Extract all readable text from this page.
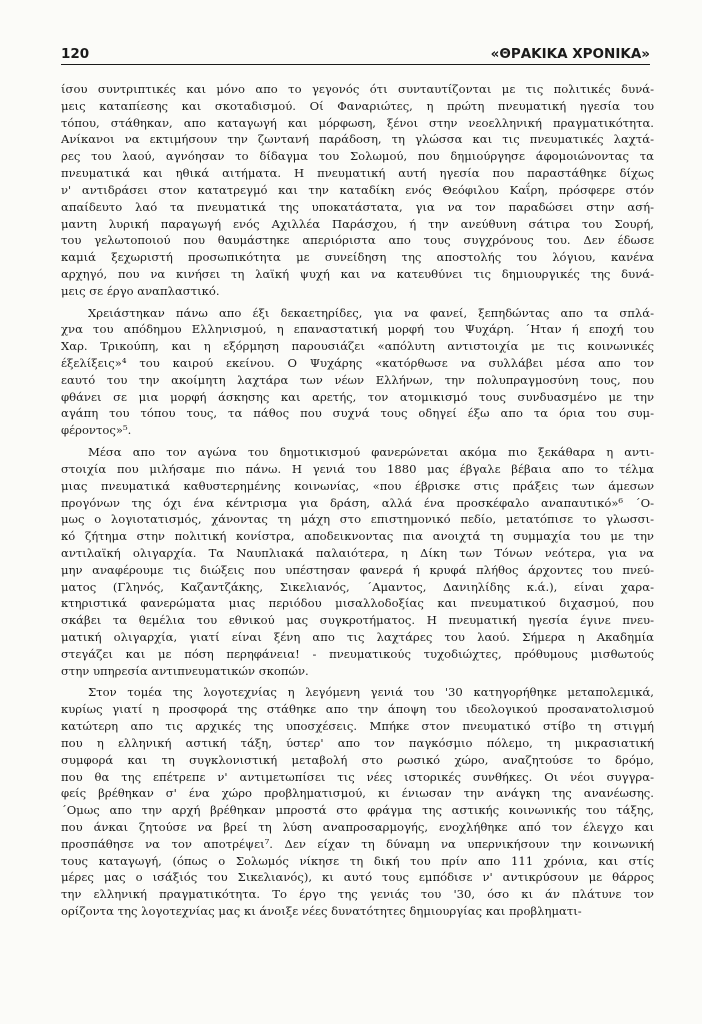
120	«ΘΡΑΚΙΚΑ ΧΡΟΝΙΚΑ»
ίσου συντριπτικές και μόνο απο το γεγονός ότι συνταυτίζονται με τις πολιτικές δυνά-
μεις καταπίεσης και σκοταδισμού. Οί Φαναριώτες, η πρώτη πνευματική ηγεσία του
τόπου, στάθηκαν, απο καταγωγή και μόρφωση, ξένοι στην νεοελληνική πραγματικότητα.
Ανίκανοι να εκτιμήσουν την ζωντανή παράδοση, τη γλώσσα και τις πνευματικές λαχτά-
ρες του λαού, αγνόησαν το δίδαγμα του Σολωμού, που δημιούργησε άφομοιώνοντας τα
πνευματικά και ηθικά αιτήματα. Η πνευματική αυτή ηγεσία που παραστάθηκε δίχως
ν' αντιδράσει στον κατατρεγμό και την καταδίκη ενός Θεόφιλου Καΐρη, πρόσφερε στόν
απαίδευτο λαό τα πνευματικά της υποκατάστατα, για να τον παραδώσει στην ασή-
μαντη λυρική παραγωγή ενός Αχιλλέα Παράσχου, ή την ανεύθυνη σάτιρα του Σουρή,
του γελωτοποιού που θαυμάστηκε απεριόριστα απο τους συγχρόνους του. Δεν έδωσε
καμιά ξεχωριστή προσωπικότητα με συνείδηση της αποστολής του λόγιου, κανένα
αρχηγό, που να κινήσει τη λαϊκή ψυχή και να κατευθύνει τις δημιουργικές της δυνά-
μεις σε έργο αναπλαστικό.
Χρειάστηκαν πάνω απο έξι δεκαετηρίδες, για να φανεί, ξεπηδώντας απο τα σπλά-
χνα του απόδημου Ελληνισμού, η επαναστατική μορφή του Ψυχάρη. ΄Ηταν ή εποχή του
Χαρ. Τρικούπη, και η εξόρμηση παρουσιάζει «απόλυτη αντιστοιχία με τις κοινωνικές
έξελίξεις»⁴ του καιρού εκείνου. Ο Ψυχάρης «κατόρθωσε να συλλάβει μέσα απο τον
εαυτό του την ακοίμητη λαχτάρα των νέων Ελλήνων, την πολυπραγμοσύνη τους, που
φθάνει σε μια μορφή άσκησης και αρετής, τον ατομικισμό τους συνδυασμένο με την
αγάπη του τόπου τους, τα πάθος που συχνά τους οδηγεί έξω απο τα όρια του συμ-
φέροντος»⁵.
Μέσα απο τον αγώνα του δημοτικισμού φανερώνεται ακόμα πιο ξεκάθαρα η αντι-
στοιχία που μιλήσαμε πιο πάνω. Η γενιά του 1880 μας έβγαλε βέβαια απο το τέλμα
μιας πνευματικά καθυστερημένης κοινωνίας, «που έβρισκε στις πράξεις των άμεσων
προγόνων της όχι ένα κέντρισμα για δράση, αλλά ένα προσκέφαλο αναπαυτικό»⁶ ΄Ο-
μως ο λογιοτατισμός, χάνοντας τη μάχη στο επιστημονικό πεδίο, μετατόπισε το γλωσσι-
κό ζήτημα στην πολιτική κονίστρα, αποδεικνοντας πια ανοιχτά τη συμμαχία του με την
αντιλαϊκή ολιγαρχία. Τα Ναυπλιακά παλαιότερα, η Δίκη των Τόνων νεότερα, για να
μην αναφέρουμε τις διώξεις που υπέστησαν φανερά ή κρυφά πλήθος άρχοντες του πνεύ-
ματος (Γληνός, Καζαντζάκης, Σικελιανός, ΄Αμαντος, Δανιηλίδης κ.ά.), είναι χαρα-
κτηριστικά φανερώματα μιας περιόδου μισαλλοδοξίας και πνευματικού διχασμού, που
σκάβει τα θεμέλια του εθνικού μας συγκροτήματος. Η πνευματική ηγεσία έγινε πνευ-
ματική ολιγαρχία, γιατί είναι ξένη απο τις λαχτάρες του λαού. Σήμερα η Ακαδημία
στεγάζει και με πόση περηφάνεια! - πνευματικούς τυχοδιώχτες, πρόθυμους μισθωτούς
στην υπηρεσία αντιπνευματικών σκοπών.
Στον τομέα της λογοτεχνίας η λεγόμενη γενιά του '30 κατηγορήθηκε μεταπολεμικά,
κυρίως γιατί η προσφορά της στάθηκε απο την άποψη του ιδεολογικού προσανατολισμού
κατώτερη απο τις αρχικές της υποσχέσεις. Μπήκε στον πνευματικό στίβο τη στιγμή
που η ελληνική αστική τάξη, ύστερ' απο τον παγκόσμιο πόλεμο, τη μικρασιατική
συμφορά και τη συγκλονιστική μεταβολή στο ρωσικό χώρο, αναζητούσε το δρόμο,
που θα της επέτρεπε ν' αντιμετωπίσει τις νέες ιστορικές συνθήκες. Οι νέοι συγγρα-
φείς βρέθηκαν σ' ένα χώρο προβληματισμού, κι ένιωσαν την ανάγκη της ανανέωσης.
΄Ομως απο την αρχή βρέθηκαν μπροστά στο φράγμα της αστικής κοινωνικής του τάξης,
που άνκαι ζητούσε να βρεί τη λύση αναπροσαρμογής, ενοχλήθηκε από τον έλεγχο και
προσπάθησε να τον αποτρέψει⁷. Δεν είχαν τη δύναμη να υπερνικήσουν την κοινωνική
τους καταγωγή, (όπως ο Σολωμός νίκησε τη δική του πρίν απο 111 χρόνια, και στίς
μέρες μας ο ισάξιός του Σικελιανός), κι αυτό τους εμπόδισε ν' αντικρύσουν με θάρρος
την ελληνική πραγματικότητα. Το έργο της γενιάς του '30, όσο κι άν πλάτυνε τον
ορίζοντα της λογοτεχνίας μας κι άνοιξε νέες δυνατότητες δημιουργίας και προβληματι-
